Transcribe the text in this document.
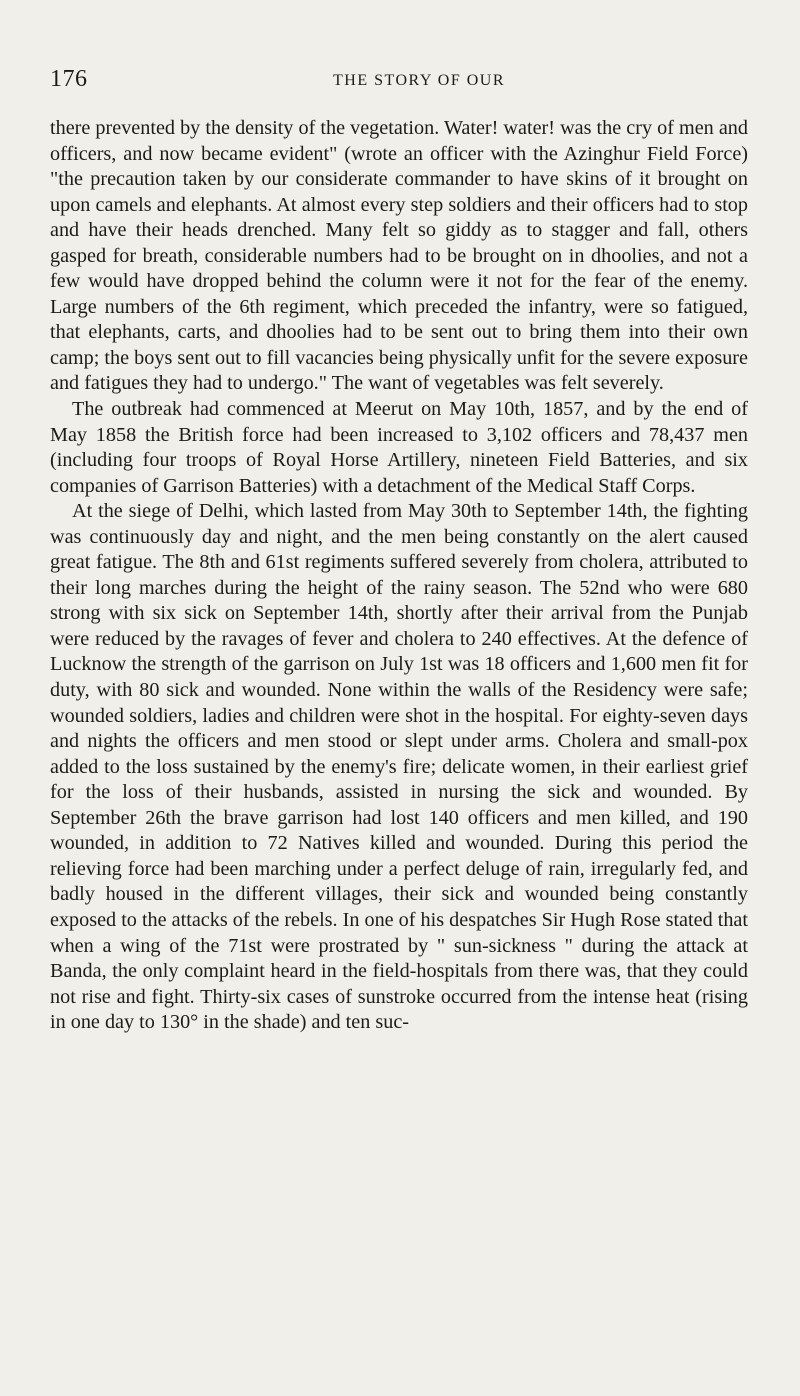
176	THE STORY OF OUR

there prevented by the density of the vegetation. Water! water! was the cry of men and officers, and now became evident" (wrote an officer with the Azinghur Field Force) "the precaution taken by our considerate commander to have skins of it brought on upon camels and elephants. At almost every step soldiers and their officers had to stop and have their heads drenched. Many felt so giddy as to stagger and fall, others gasped for breath, considerable numbers had to be brought on in dhoolies, and not a few would have dropped behind the column were it not for the fear of the enemy. Large numbers of the 6th regiment, which preceded the infantry, were so fatigued, that elephants, carts, and dhoolies had to be sent out to bring them into their own camp; the boys sent out to fill vacancies being physically unfit for the severe exposure and fatigues they had to undergo." The want of vegetables was felt severely.

The outbreak had commenced at Meerut on May 10th, 1857, and by the end of May 1858 the British force had been increased to 3,102 officers and 78,437 men (including four troops of Royal Horse Artillery, nineteen Field Batteries, and six companies of Garrison Batteries) with a detachment of the Medical Staff Corps.

At the siege of Delhi, which lasted from May 30th to September 14th, the fighting was continuously day and night, and the men being constantly on the alert caused great fatigue. The 8th and 61st regiments suffered severely from cholera, attributed to their long marches during the height of the rainy season. The 52nd who were 680 strong with six sick on September 14th, shortly after their arrival from the Punjab were reduced by the ravages of fever and cholera to 240 effectives. At the defence of Lucknow the strength of the garrison on July 1st was 18 officers and 1,600 men fit for duty, with 80 sick and wounded. None within the walls of the Residency were safe; wounded soldiers, ladies and children were shot in the hospital. For eighty-seven days and nights the officers and men stood or slept under arms. Cholera and small-pox added to the loss sustained by the enemy's fire; delicate women, in their earliest grief for the loss of their husbands, assisted in nursing the sick and wounded. By September 26th the brave garrison had lost 140 officers and men killed, and 190 wounded, in addition to 72 Natives killed and wounded. During this period the relieving force had been marching under a perfect deluge of rain, irregularly fed, and badly housed in the different villages, their sick and wounded being constantly exposed to the attacks of the rebels. In one of his despatches Sir Hugh Rose stated that when a wing of the 71st were prostrated by " sun-sickness " during the attack at Banda, the only complaint heard in the field-hospitals from there was, that they could not rise and fight. Thirty-six cases of sunstroke occurred from the intense heat (rising in one day to 130° in the shade) and ten suc-
